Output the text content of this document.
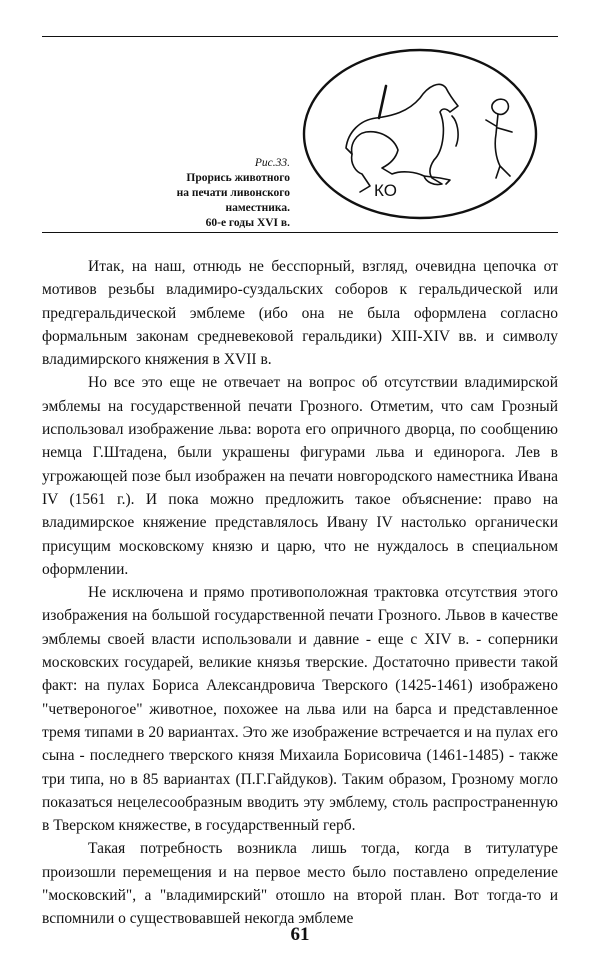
Рис.33.
Прорись животного
на печати ливонского наместника.
60-е годы XVI в.
КО

Итак, на наш, отнюдь не бесспорный, взгляд, очевидна цепочка от мотивов резьбы владимиро-суздальских соборов к геральдической или предгеральдической эмблеме (ибо она не была оформлена согласно формальным законам средневековой геральдики) XIII-XIV вв. и символу владимирского княжения в XVII в.

Но все это еще не отвечает на вопрос об отсутствии владимирской эмблемы на государственной печати Грозного. Отметим, что сам Грозный использовал изображение льва: ворота его опричного дворца, по сообщению немца Г.Штадена, были украшены фигурами льва и единорога. Лев в угрожающей позе был изображен на печати новгородского наместника Ивана IV (1561 г.). И пока можно предложить такое объяснение: право на владимирское княжение представлялось Ивану IV настолько органически присущим московскому князю и царю, что не нуждалось в специальном оформлении.

Не исключена и прямо противоположная трактовка отсутствия этого изображения на большой государственной печати Грозного. Львов в качестве эмблемы своей власти использовали и давние - еще с XIV в. - соперники московских государей, великие князья тверские. Достаточно привести такой факт: на пулах Бориса Александровича Тверского (1425-1461) изображено "четвероногое" животное, похожее на льва или на барса и представленное тремя типами в 20 вариантах. Это же изображение встречается и на пулах его сына - последнего тверского князя Михаила Борисовича (1461-1485) - также три типа, но в 85 вариантах (П.Г.Гайдуков). Таким образом, Грозному могло показаться нецелесообразным вводить эту эмблему, столь распространенную в Тверском княжестве, в государственный герб.

Такая потребность возникла лишь тогда, когда в титулатуре произошли перемещения и на первое место было поставлено определение "московский", а "владимирский" отошло на второй план. Вот тогда-то и вспомнили о существовавшей некогда эмблеме

61
